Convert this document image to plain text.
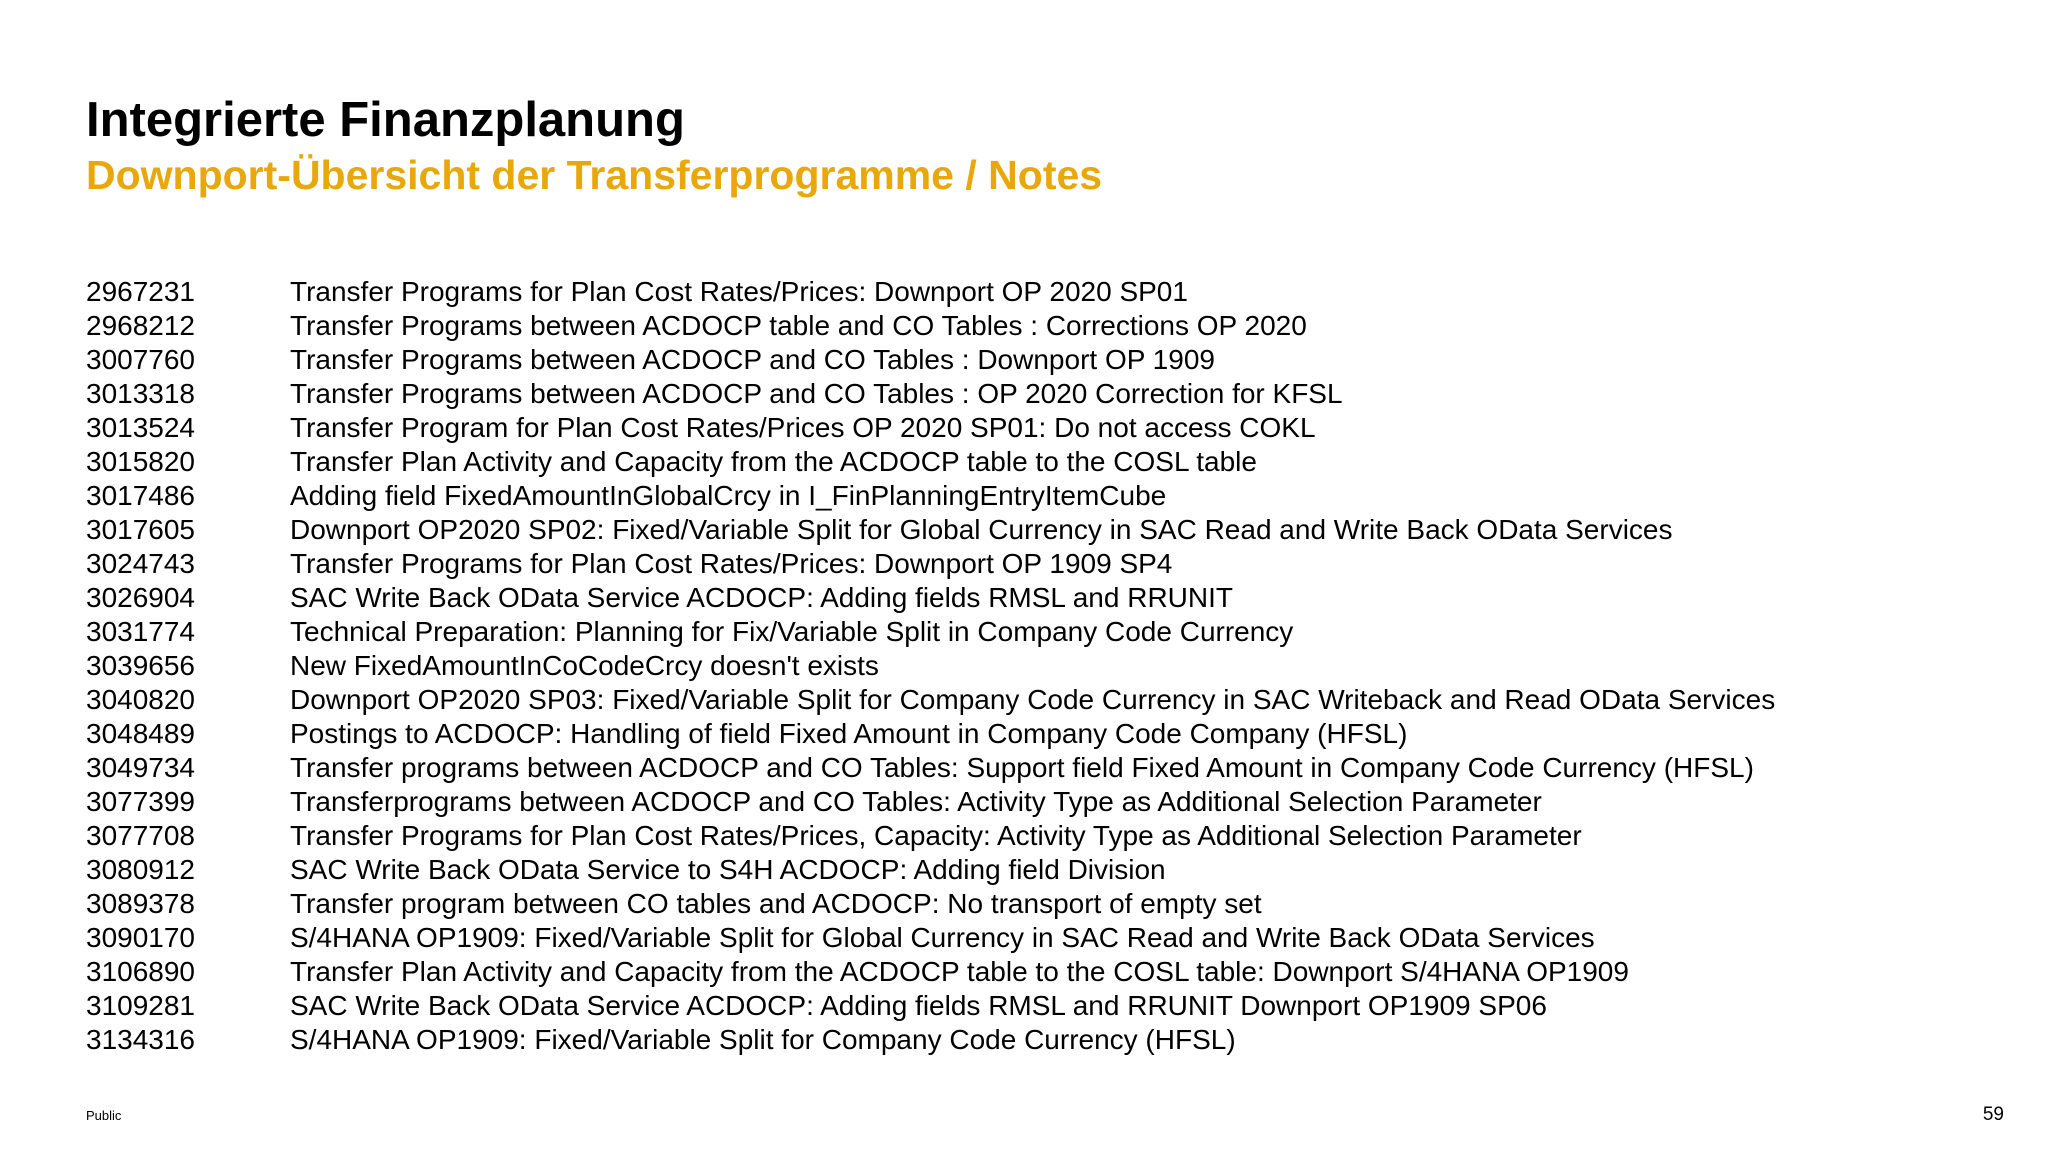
Integrierte Finanzplanung
Downport-Übersicht der Transferprogramme / Notes
2967231	Transfer Programs for Plan Cost Rates/Prices: Downport OP 2020 SP01
2968212	Transfer Programs between ACDOCP table and CO Tables : Corrections OP 2020
3007760	Transfer Programs between ACDOCP and CO Tables : Downport OP 1909
3013318	Transfer Programs between ACDOCP and CO Tables : OP 2020 Correction for KFSL
3013524	Transfer Program for Plan Cost Rates/Prices OP 2020 SP01: Do not access COKL
3015820	Transfer Plan Activity and Capacity from the ACDOCP table to the COSL table
3017486	Adding field FixedAmountInGlobalCrcy in I_FinPlanningEntryItemCube
3017605	Downport OP2020 SP02: Fixed/Variable Split for Global Currency in SAC Read and Write Back OData Services
3024743	Transfer Programs for Plan Cost Rates/Prices: Downport OP 1909 SP4
3026904	SAC Write Back OData Service ACDOCP: Adding fields RMSL and RRUNIT
3031774	Technical Preparation: Planning for Fix/Variable Split in Company Code Currency
3039656	New FixedAmountInCoCodeCrcy doesn't exists
3040820	Downport OP2020 SP03: Fixed/Variable Split for Company Code Currency in SAC Writeback and Read OData Services
3048489	Postings to ACDOCP: Handling of field Fixed Amount in Company Code Company (HFSL)
3049734	Transfer programs between ACDOCP and CO Tables: Support field Fixed Amount in Company Code Currency (HFSL)
3077399	Transferprograms between ACDOCP and CO Tables: Activity Type as Additional Selection Parameter
3077708	Transfer Programs for Plan Cost Rates/Prices, Capacity: Activity Type as Additional Selection Parameter
3080912	SAC Write Back OData Service to S4H ACDOCP: Adding field Division
3089378	Transfer program between CO tables and ACDOCP: No transport of empty set
3090170	S/4HANA OP1909: Fixed/Variable Split for Global Currency in SAC Read and Write Back OData Services
3106890	Transfer Plan Activity and Capacity from the ACDOCP table to the COSL table: Downport S/4HANA OP1909
3109281	SAC Write Back OData Service ACDOCP: Adding fields RMSL and RRUNIT Downport OP1909 SP06
3134316	S/4HANA OP1909: Fixed/Variable Split for Company Code Currency (HFSL)
Public	59
